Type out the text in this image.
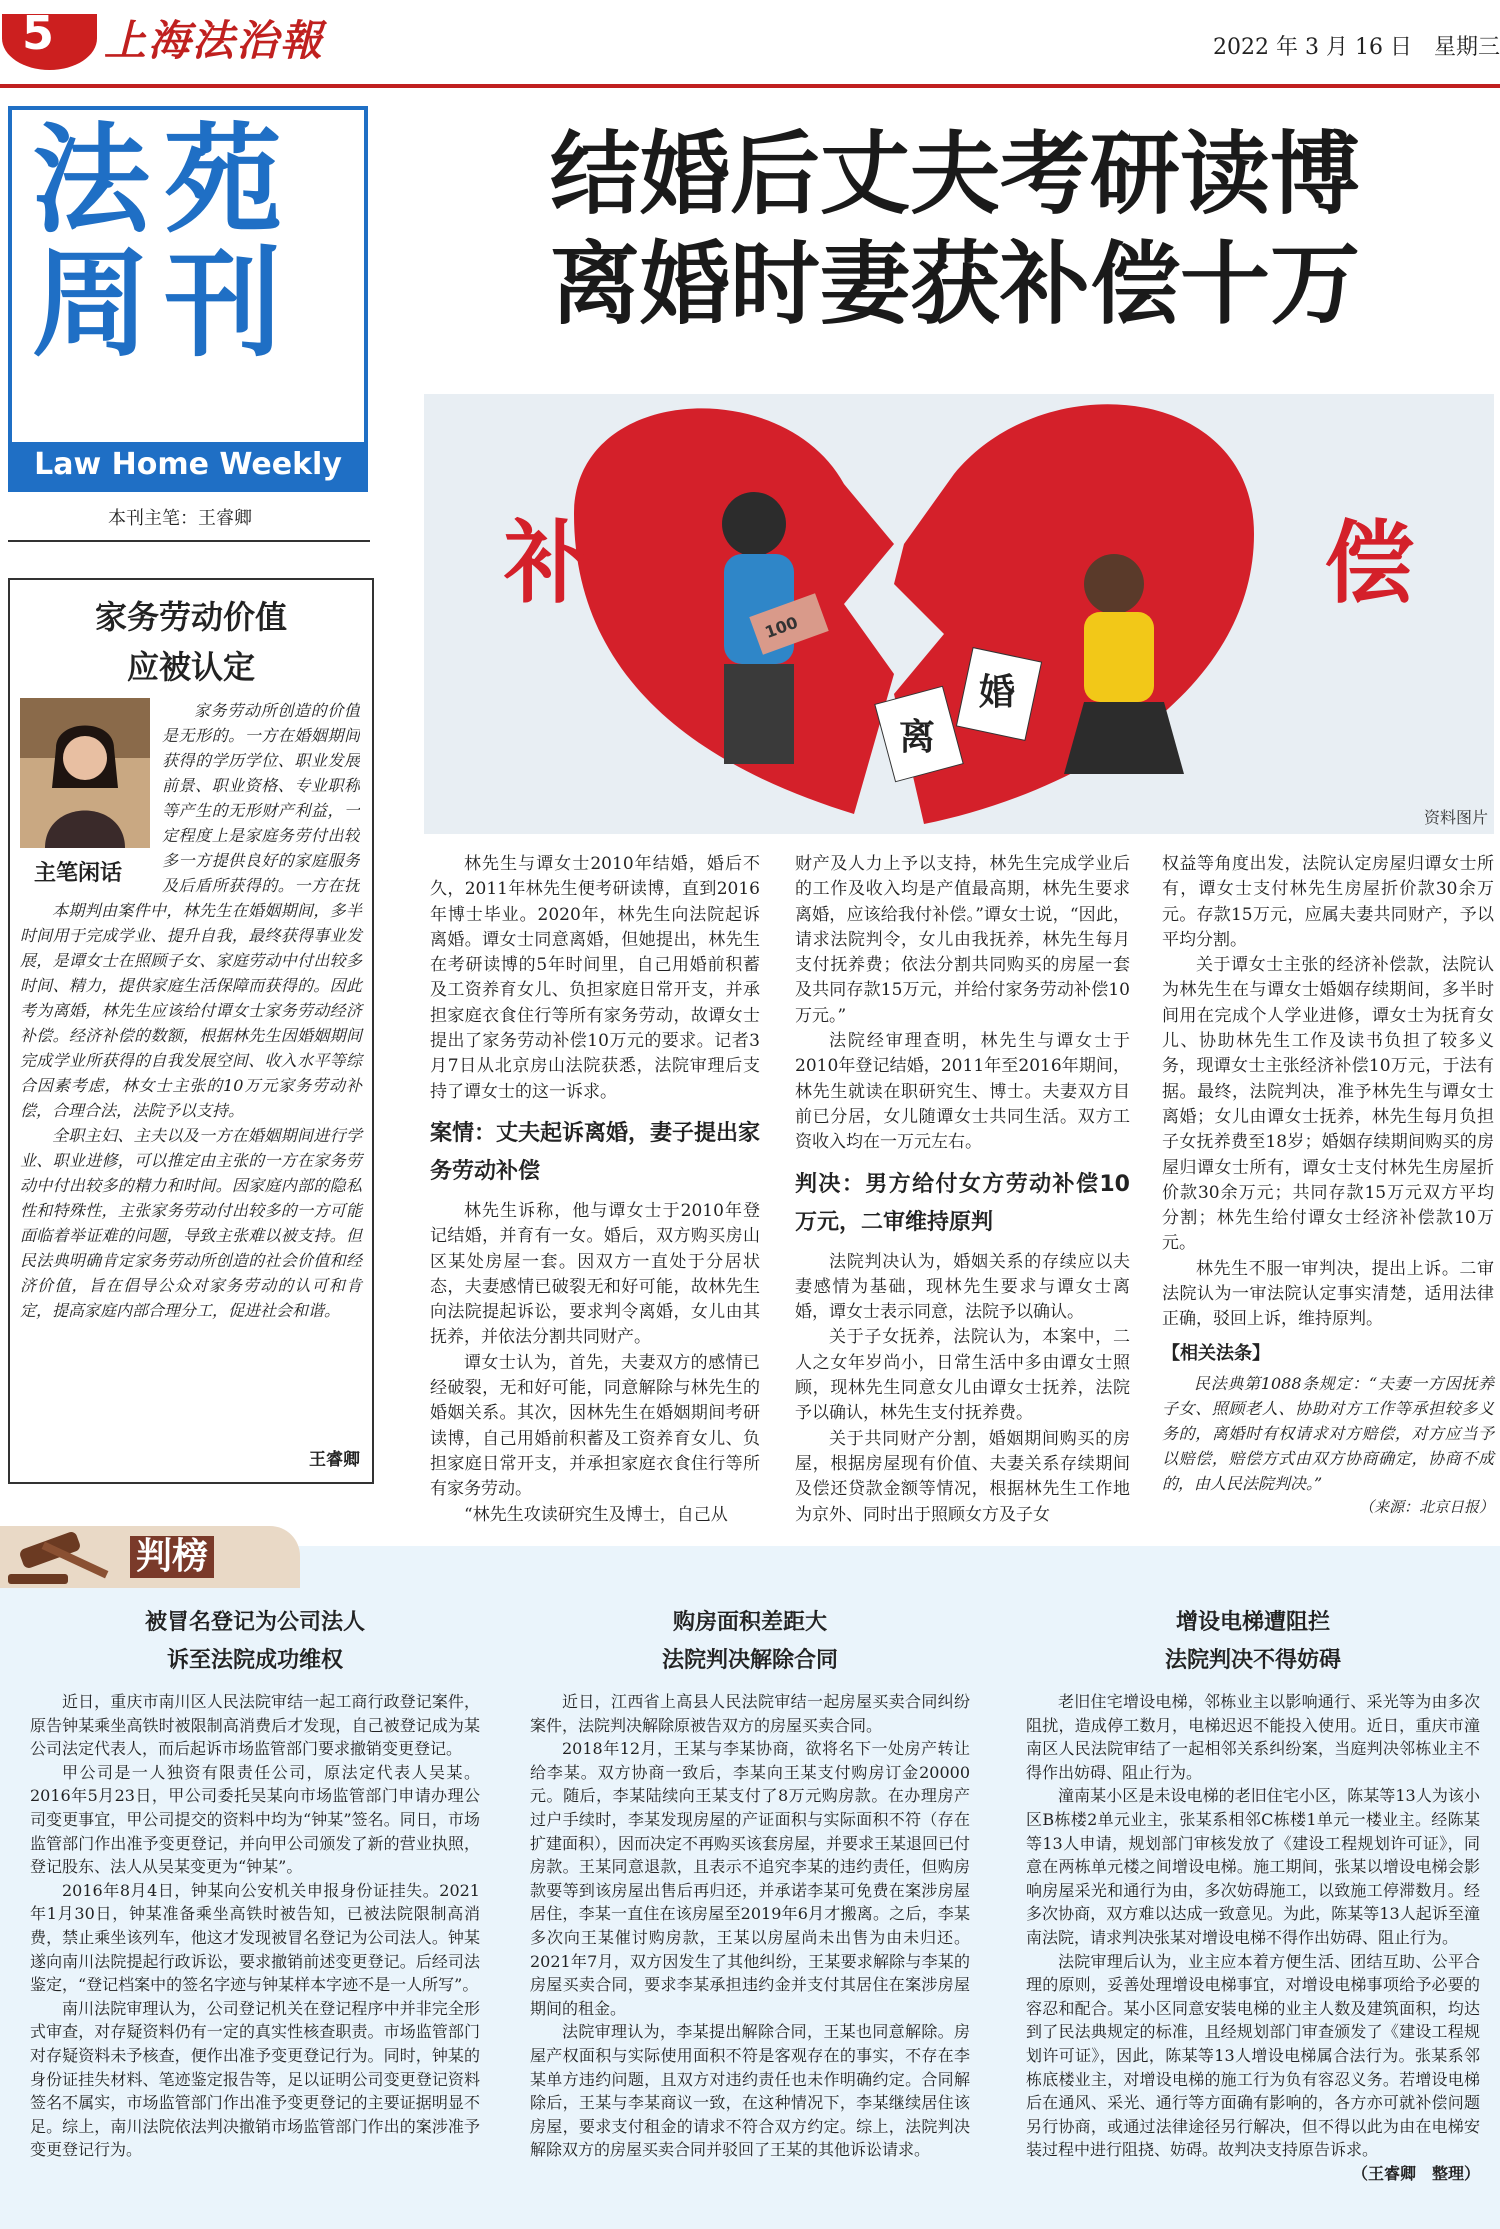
5 上海法治報	2022 年 3 月 16 日　星期三
法苑
周刊
Law Home Weekly
本刊主笔：王睿卿
结婚后丈夫考研读博
离婚时妻获补偿十万
补	偿
离
婚
100
资料图片
家务劳动价值
应被认定
主笔闲话

家务劳动所创造的价值是无形的。一方在婚姻期间获得的学历学位、职业发展前景、职业资格、专业职称等产生的无形财产利益，一定程度上是家庭务劳付出较多一方提供良好的家庭服务及后盾所获得的。一方在抚

本期判由案件中，林先生在婚姻期间，多半时间用于完成学业、提升自我，最终获得事业发展，是谭女士在照顾子女、家庭劳动中付出较多时间、精力，提供家庭生活保障而获得的。因此考为离婚，林先生应该给付谭女士家务劳动经济补偿。经济补偿的数额，根据林先生因婚姻期间完成学业所获得的自我发展空间、收入水平等综合因素考虑，林女士主张的10万元家务劳动补偿，合理合法，法院予以支持。

全职主妇、主夫以及一方在婚姻期间进行学业、职业进修，可以推定由主张的一方在家务劳动中付出较多的精力和时间。因家庭内部的隐私性和特殊性，主张家务劳动付出较多的一方可能面临着举证难的问题，导致主张难以被支持。但民法典明确肯定家务劳动所创造的社会价值和经济价值，旨在倡导公众对家务劳动的认可和肯定，提高家庭内部合理分工，促进社会和谐。

王睿卿

林先生与谭女士2010年结婚，婚后不久，2011年林先生便考研读博，直到2016年博士毕业。2020年，林先生向法院起诉离婚。谭女士同意离婚，但她提出，林先生在考研读博的5年时间里，自己用婚前积蓄及工资养育女儿、负担家庭日常开支，并承担家庭衣食住行等所有家务劳动，故谭女士提出了家务劳动补偿10万元的要求。记者3月7日从北京房山法院获悉，法院审理后支持了谭女士的这一诉求。

案情：丈夫起诉离婚，妻子提出家务劳动补偿

林先生诉称，他与谭女士于2010年登记结婚，并育有一女。婚后，双方购买房山区某处房屋一套。因双方一直处于分居状态，夫妻感情已破裂无和好可能，故林先生向法院提起诉讼，要求判令离婚，女儿由其抚养，并依法分割共同财产。

谭女士认为，首先，夫妻双方的感情已经破裂，无和好可能，同意解除与林先生的婚姻关系。其次，因林先生在婚姻期间考研读博，自己用婚前积蓄及工资养育女儿、负担家庭日常开支，并承担家庭衣食住行等所有家务劳动。

“林先生攻读研究生及博士，自己从

财产及人力上予以支持，林先生完成学业后的工作及收入均是产值最高期，林先生要求离婚，应该给我付补偿。”谭女士说，“因此，请求法院判令，女儿由我抚养，林先生每月支付抚养费；依法分割共同购买的房屋一套及共同存款15万元，并给付家务劳动补偿10万元。”

法院经审理查明，林先生与谭女士于2010年登记结婚，2011年至2016年期间，林先生就读在职研究生、博士。夫妻双方目前已分居，女儿随谭女士共同生活。双方工资收入均在一万元左右。

判决：男方给付女方劳动补偿10万元，二审维持原判

法院判决认为，婚姻关系的存续应以夫妻感情为基础，现林先生要求与谭女士离婚，谭女士表示同意，法院予以确认。

关于子女抚养，法院认为，本案中，二人之女年岁尚小，日常生活中多由谭女士照顾，现林先生同意女儿由谭女士抚养，法院予以确认，林先生支付抚养费。

关于共同财产分割，婚姻期间购买的房屋，根据房屋现有价值、夫妻关系存续期间及偿还贷款金额等情况，根据林先生工作地为京外、同时出于照顾女方及子女

权益等角度出发，法院认定房屋归谭女士所有，谭女士支付林先生房屋折价款30余万元。存款15万元，应属夫妻共同财产，予以平均分割。

关于谭女士主张的经济补偿款，法院认为林先生在与谭女士婚姻存续期间，多半时间用在完成个人学业进修，谭女士为抚育女儿、协助林先生工作及读书负担了较多义务，现谭女士主张经济补偿10万元，于法有据。最终，法院判决，准予林先生与谭女士离婚；女儿由谭女士抚养，林先生每月负担子女抚养费至18岁；婚姻存续期间购买的房屋归谭女士所有，谭女士支付林先生房屋折价款30余万元；共同存款15万元双方平均分割；林先生给付谭女士经济补偿款10万元。

林先生不服一审判决，提出上诉。二审法院认为一审法院认定事实清楚，适用法律正确，驳回上诉，维持原判。

【相关法条】

民法典第1088条规定：“夫妻一方因抚养子女、照顾老人、协助对方工作等承担较多义务的，离婚时有权请求对方赔偿，对方应当予以赔偿，赔偿方式由双方协商确定，协商不成的，由人民法院判决。”

（来源：北京日报）
判榜
被冒名登记为公司法人
诉至法院成功维权

近日，重庆市南川区人民法院审结一起工商行政登记案件，原告钟某乘坐高铁时被限制高消费后才发现，自己被登记成为某公司法定代表人，而后起诉市场监管部门要求撤销变更登记。

甲公司是一人独资有限责任公司，原法定代表人吴某。2016年5月23日，甲公司委托吴某向市场监管部门申请办理公司变更事宜，甲公司提交的资料中均为“钟某”签名。同日，市场监管部门作出准予变更登记，并向甲公司颁发了新的营业执照，登记股东、法人从吴某变更为“钟某”。

2016年8月4日，钟某向公安机关申报身份证挂失。2021年1月30日，钟某准备乘坐高铁时被告知，已被法院限制高消费，禁止乘坐该列车，他这才发现被冒名登记为公司法人。钟某遂向南川法院提起行政诉讼，要求撤销前述变更登记。后经司法鉴定，“登记档案中的签名字迹与钟某样本字迹不是一人所写”。

南川法院审理认为，公司登记机关在登记程序中并非完全形式审查，对存疑资料仍有一定的真实性核查职责。市场监管部门对存疑资料未予核查，便作出准予变更登记行为。同时，钟某的身份证挂失材料、笔迹鉴定报告等，足以证明公司变更登记资料签名不属实，市场监管部门作出准予变更登记的主要证据明显不足。综上，南川法院依法判决撤销市场监管部门作出的案涉准予变更登记行为。

购房面积差距大
法院判决解除合同

近日，江西省上高县人民法院审结一起房屋买卖合同纠纷案件，法院判决解除原被告双方的房屋买卖合同。

2018年12月，王某与李某协商，欲将名下一处房产转让给李某。双方协商一致后，李某向王某支付购房订金20000元。随后，李某陆续向王某支付了8万元购房款。在办理房产过户手续时，李某发现房屋的产证面积与实际面积不符（存在扩建面积），因而决定不再购买该套房屋，并要求王某退回已付房款。王某同意退款，且表示不追究李某的违约责任，但购房款要等到该房屋出售后再归还，并承诺李某可免费在案涉房屋居住，李某一直住在该房屋至2019年6月才搬离。之后，李某多次向王某催讨购房款，王某以房屋尚未出售为由未归还。2021年7月，双方因发生了其他纠纷，王某要求解除与李某的房屋买卖合同，要求李某承担违约金并支付其居住在案涉房屋期间的租金。

法院审理认为，李某提出解除合同，王某也同意解除。房屋产权面积与实际使用面积不符是客观存在的事实，不存在李某单方违约问题，且双方对违约责任也未作明确约定。合同解除后，王某与李某商议一致，在这种情况下，李某继续居住该房屋，要求支付租金的请求不符合双方约定。综上，法院判决解除双方的房屋买卖合同并驳回了王某的其他诉讼请求。

增设电梯遭阻拦
法院判决不得妨碍

老旧住宅增设电梯，邻栋业主以影响通行、采光等为由多次阻扰，造成停工数月，电梯迟迟不能投入使用。近日，重庆市潼南区人民法院审结了一起相邻关系纠纷案，当庭判决邻栋业主不得作出妨碍、阻止行为。

潼南某小区是未设电梯的老旧住宅小区，陈某等13人为该小区B栋楼2单元业主，张某系相邻C栋楼1单元一楼业主。经陈某等13人申请，规划部门审核发放了《建设工程规划许可证》，同意在两栋单元楼之间增设电梯。施工期间，张某以增设电梯会影响房屋采光和通行为由，多次妨碍施工，以致施工停滞数月。经多次协商，双方难以达成一致意见。为此，陈某等13人起诉至潼南法院，请求判决张某对增设电梯不得作出妨碍、阻止行为。

法院审理后认为，业主应本着方便生活、团结互助、公平合理的原则，妥善处理增设电梯事宜，对增设电梯事项给予必要的容忍和配合。某小区同意安装电梯的业主人数及建筑面积，均达到了民法典规定的标准，且经规划部门审查颁发了《建设工程规划许可证》，因此，陈某等13人增设电梯属合法行为。张某系邻栋底楼业主，对增设电梯的施工行为负有容忍义务。若增设电梯后在通风、采光、通行等方面确有影响的，各方亦可就补偿问题另行协商，或通过法律途径另行解决，但不得以此为由在电梯安装过程中进行阻挠、妨碍。故判决支持原告诉求。

（王睿卿　整理）
